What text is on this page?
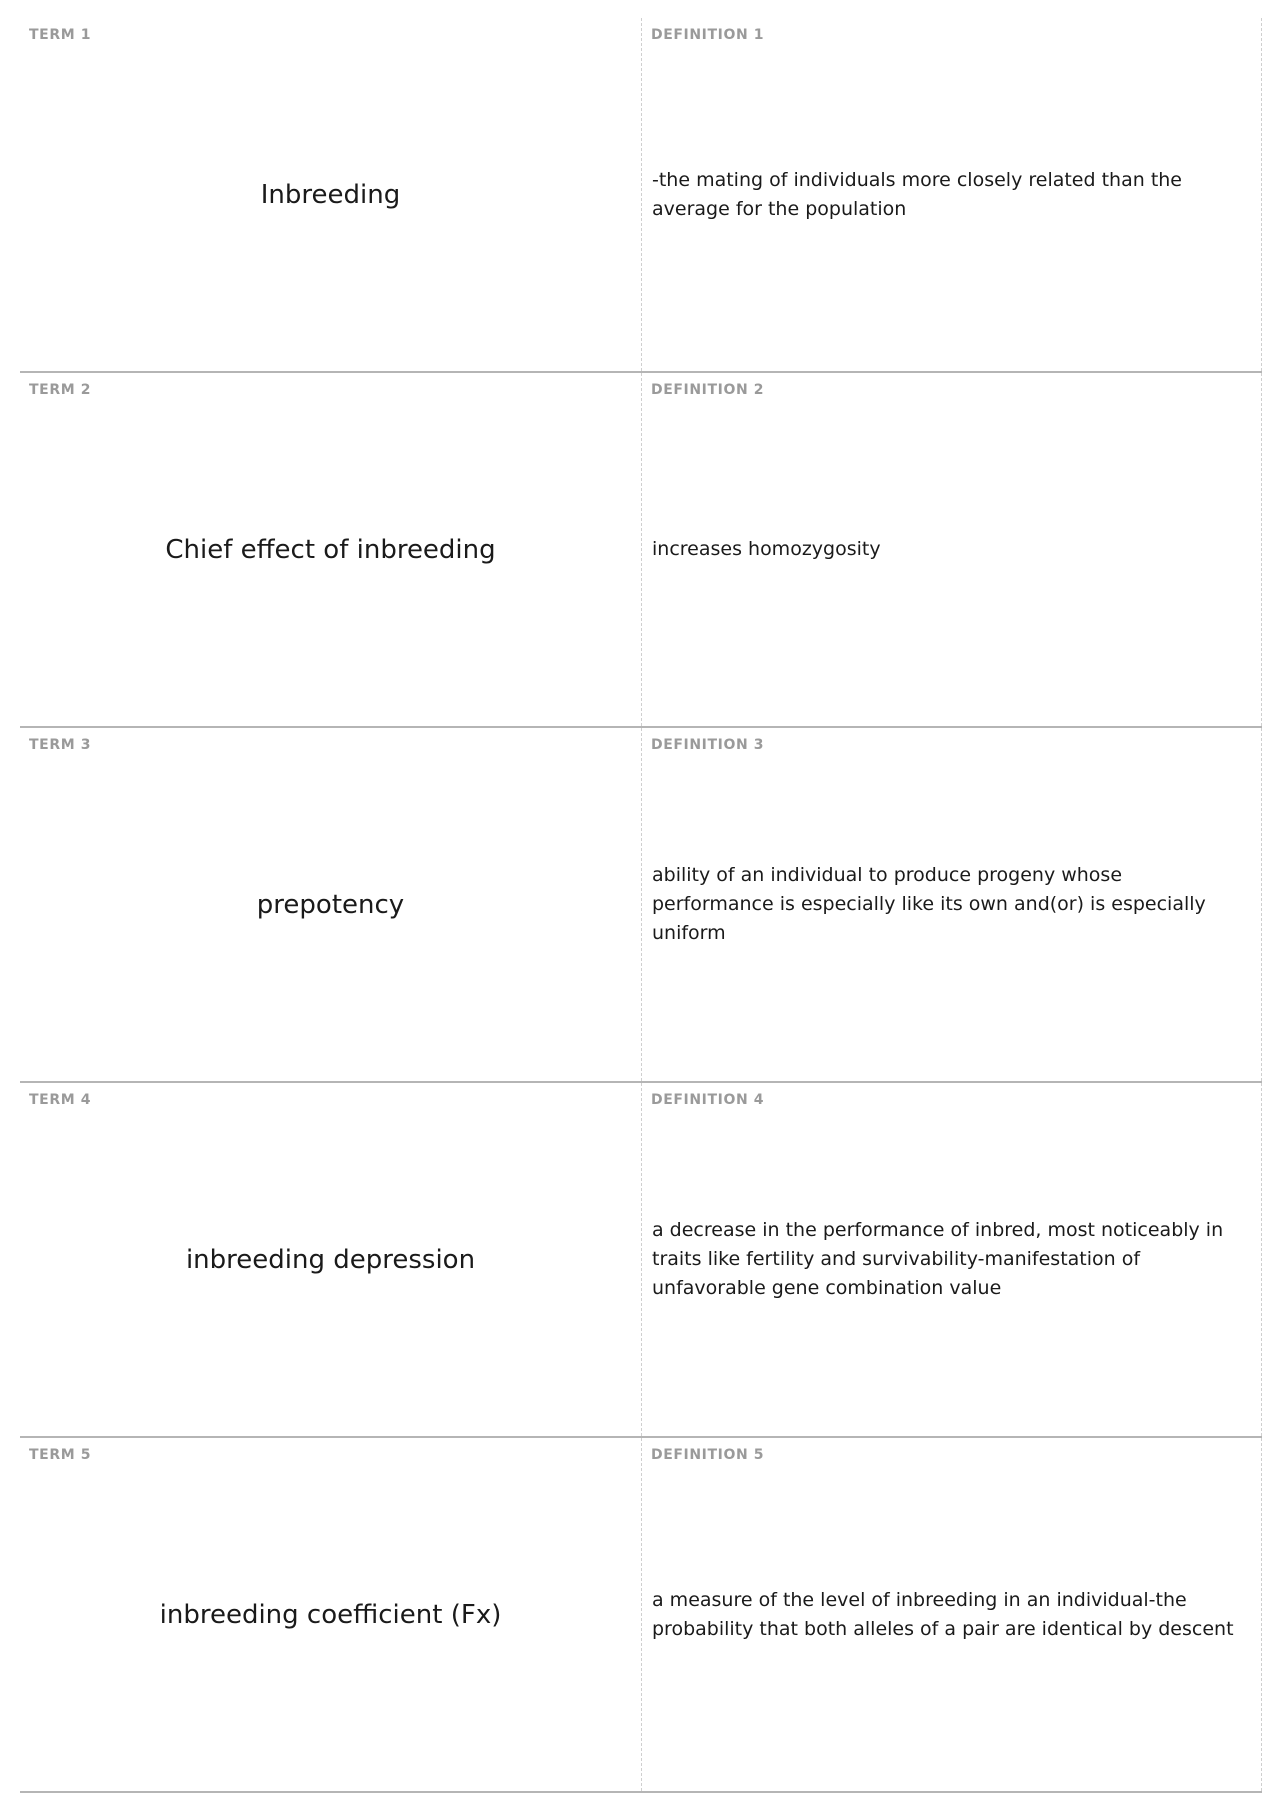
TERM 1
Inbreeding
DEFINITION 1
-the mating of individuals more closely related than the average for the population
TERM 2
Chief effect of inbreeding
DEFINITION 2
increases homozygosity
TERM 3
prepotency
DEFINITION 3
ability of an individual to produce progeny whose performance is especially like its own and(or) is especially uniform
TERM 4
inbreeding depression
DEFINITION 4
a decrease in the performance of inbred, most noticeably in traits like fertility and survivability-manifestation of unfavorable gene combination value
TERM 5
inbreeding coefficient (Fx)
DEFINITION 5
a measure of the level of inbreeding in an individual-the probability that both alleles of a pair are identical by descent
